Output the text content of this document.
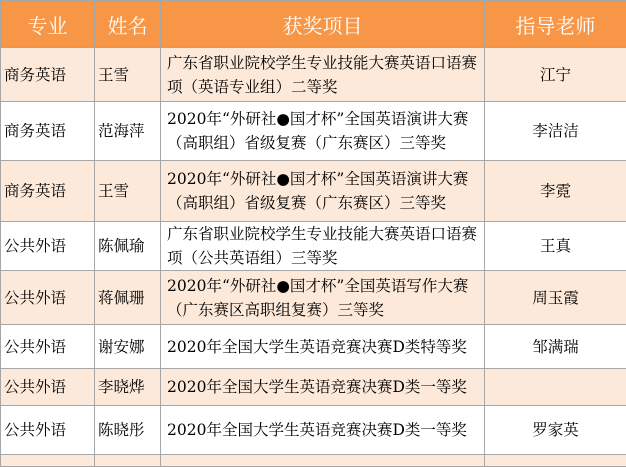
专业	姓名	获奖项目	指导老师
商务英语	王雪	广东省职业院校学生专业技能大赛英语口语赛项（英语专业组）二等奖	江宁
商务英语	范海萍	2020年“外研社●国才杯”全国英语演讲大赛（高职组）省级复赛（广东赛区）三等奖	李洁洁
商务英语	王雪	2020年“外研社●国才杯”全国英语演讲大赛（高职组）省级复赛（广东赛区）三等奖	李霓
公共外语	陈佩瑜	广东省职业院校学生专业技能大赛英语口语赛项（公共英语组）三等奖	王真
公共外语	蒋佩珊	2020年“外研社●国才杯”全国英语写作大赛（广东赛区高职组复赛）三等奖	周玉霞
公共外语	谢安娜	2020年全国大学生英语竞赛决赛D类特等奖	邹满瑞
公共外语	李晓烨	2020年全国大学生英语竞赛决赛D类一等奖	
公共外语	陈晓彤	2020年全国大学生英语竞赛决赛D类一等奖	罗家英
